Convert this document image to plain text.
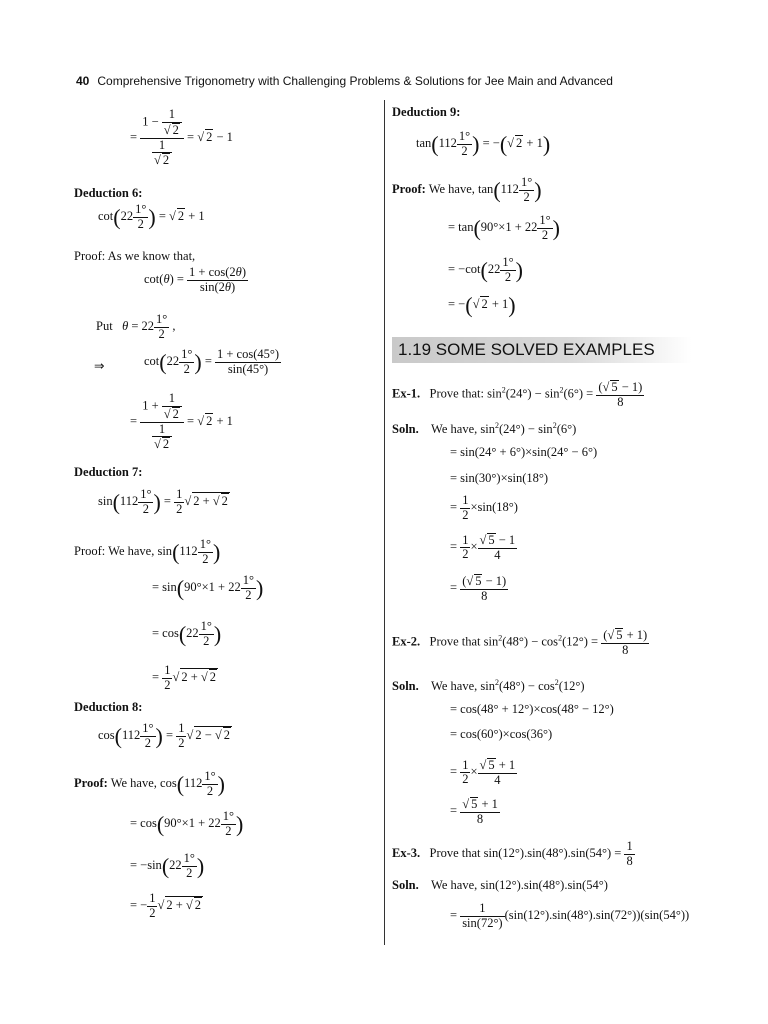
40 Comprehensive Trigonometry with Challenging Problems & Solutions for Jee Main and Advanced
= 1 − 1
√ 2
1
√ 2 = √ 2 − 1
Deduction 6:
$\cot(22 \frac{1^\circ}{2}$ ) = √ 2 + 1
Proof: As we know that,
$\cot(\theta) = \frac{1 + \cos(2\theta)}{\sin(2\theta)}$
Put $\theta = 22 \frac{1^\circ}{2}$ ,
⇒	$\cot(22 \frac{1^\circ}{2}$ ) = $\frac{1 + \cos(45^\circ)}{\sin(45^\circ)}$
= 1 + 1
√ 2
1
√ 2 = √ 2 + 1
Deduction 7:
$\sin(112 \frac{1^\circ}{2}$ ) = $\frac{1}{2}$ √ 2 + √ 2
Proof: We have, $\sin(112 \frac{1^\circ}{2}$ )
= $\sin(90^\circ\times 1 + 22 \frac{1^\circ}{2}$ )
= $\cos(22 \frac{1^\circ}{2}$ )
= $\frac{1}{2}$ √ 2 + √ 2
Deduction 8:
$\cos(112 \frac{1^\circ}{2}$ ) = $\frac{1}{2}$ √ 2 − √ 2
Proof: We have, $\cos(112 \frac{1^\circ}{2}$ )
= $\cos(90^\circ\times 1 + 22 \frac{1^\circ}{2}$ )
= $-\sin(22 \frac{1^\circ}{2}$ )
= − $\frac{1}{2}$ √ 2 + √ 2
Deduction 9:
$\tan(112 \frac{1^\circ}{2}$ ) = −( √ 2 + 1)
Proof: We have, $\tan(112 \frac{1^\circ}{2}$ )
= $\tan(90^\circ\times 1 + 22 \frac{1^\circ}{2}$ )
= $-\cot(22 \frac{1^\circ}{2}$ )
= −( √ 2 + 1)
1.19 SOME SOLVED EXAMPLES
Ex-1. Prove that: $\sin^2(24^\circ) - \sin^2(6^\circ) = \frac{( √ 5 - 1)}{8}$
Soln. We have, $\sin^2(24^\circ) - \sin^2(6^\circ)$
= sin(24° + 6°)×sin(24° − 6°)
= sin(30°)×sin(18°)
= $\frac{1}{2} \times\sin(18^\circ)$
= $\frac{1}{2}$ × √ $\frac{5 - 1}{4}$
= $\frac{( √ 5 - 1)}{8}$
Ex-2. Prove that $\sin^2(48^\circ) - \cos^2(12^\circ) = \frac{( √ 5 + 1)}{8}$
Soln. We have, $\sin^2(48^\circ) - \cos^2(12^\circ)$
= cos(48° + 12°)×cos(48° − 12°)
= cos(60°)×cos(36°)
= $\frac{1}{2}$ × √ $\frac{5 + 1}{4}$
= √ $\frac{5 + 1}{8}$
Ex-3. Prove that $\sin(12^\circ).\sin(48^\circ).\sin(54^\circ) = \frac{1}{8}$
Soln. We have, sin(12°).sin(48°).sin(54°)
= $\frac{1}{\sin(72^\circ)} (\sin(12^\circ).\sin(48^\circ).\sin(72^\circ))(\sin(54^\circ))$
